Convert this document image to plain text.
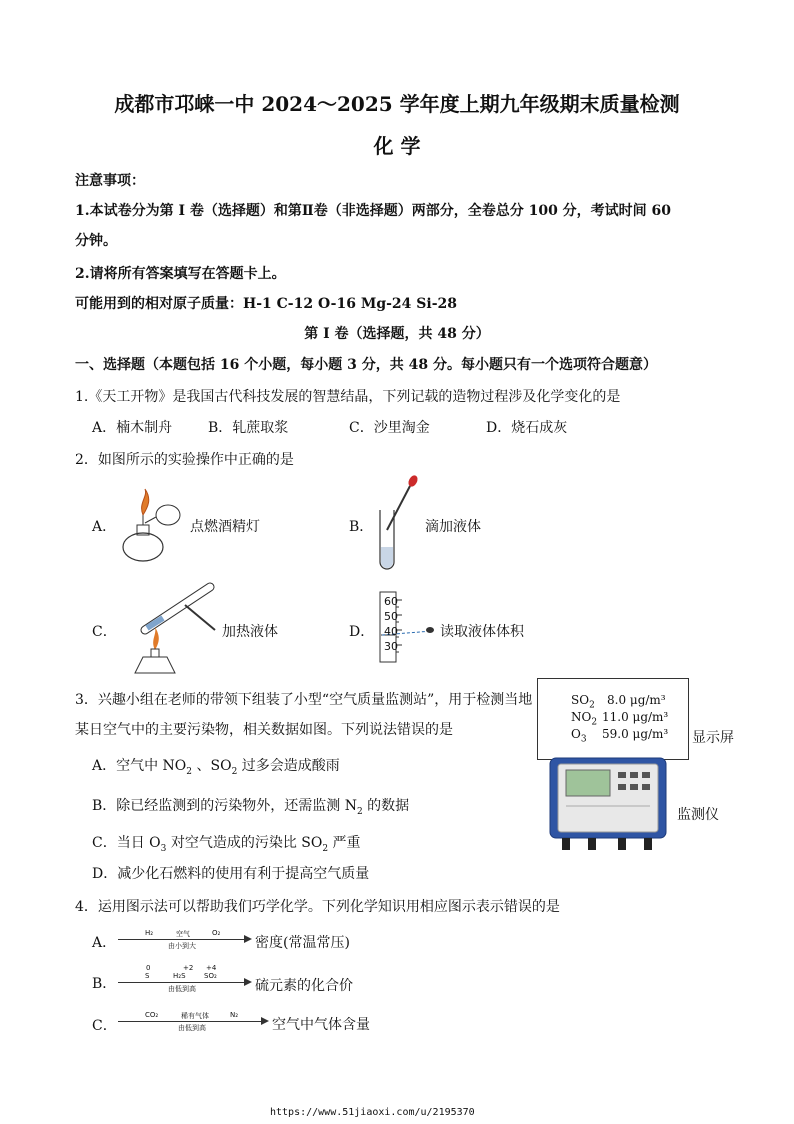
成都市邛崃一中 2024～2025 学年度上期九年级期末质量检测
化 学
注意事项：
1.本试卷分为第 I 卷（选择题）和第Ⅱ卷（非选择题）两部分，全卷总分 100 分，考试时间 60
分钟。
2.请将所有答案填写在答题卡上。
可能用到的相对原子质量：H-1 C-12 O-16 Mg-24 Si-28
第 I 卷（选择题，共 48 分）
一、选择题（本题包括 16 个小题，每小题 3 分，共 48 分。每小题只有一个选项符合题意）
1.《天工开物》是我国古代科技发展的智慧结晶，下列记载的造物过程涉及化学变化的是
A．楠木制舟	B．轧蔗取浆	C．沙里淘金	D．烧石成灰
2．如图所示的实验操作中正确的是
A．	点燃酒精灯	B．	滴加液体
C．	加热液体	D．
60
50
40
30
读取液体体积
3．兴趣小组在老师的带领下组装了小型“空气质量监测站”，用于检测当地
某日空气中的主要污染物，相关数据如图。下列说法错误的是
$SO_2$ 8.0 μg/m³
$NO_2$ 11.0 μg/m³
$O_3$ 59.0 μg/m³ 显示屏
监测仪
A．空气中 $NO_2$ 、$SO_2$ 过多会造成酸雨
B．除已经监测到的污染物外，还需监测 $N_2$ 的数据
C．当日 $O_3$ 对空气造成的污染比 $SO_2$ 严重
D．减少化石燃料的使用有利于提高空气质量
4．运用图示法可以帮助我们巧学化学。下列化学知识用相应图示表示错误的是
A．
H₂	空气	O₂
由小到大	密度(常温常压)
B．
0	+2 +4
S	H₂S	SO₂
由低到高	硫元素的化合价
C．
CO₂	稀有气体	N₂
由低到高	空气中气体含量
https://www.51jiaoxi.com/u/2195370
